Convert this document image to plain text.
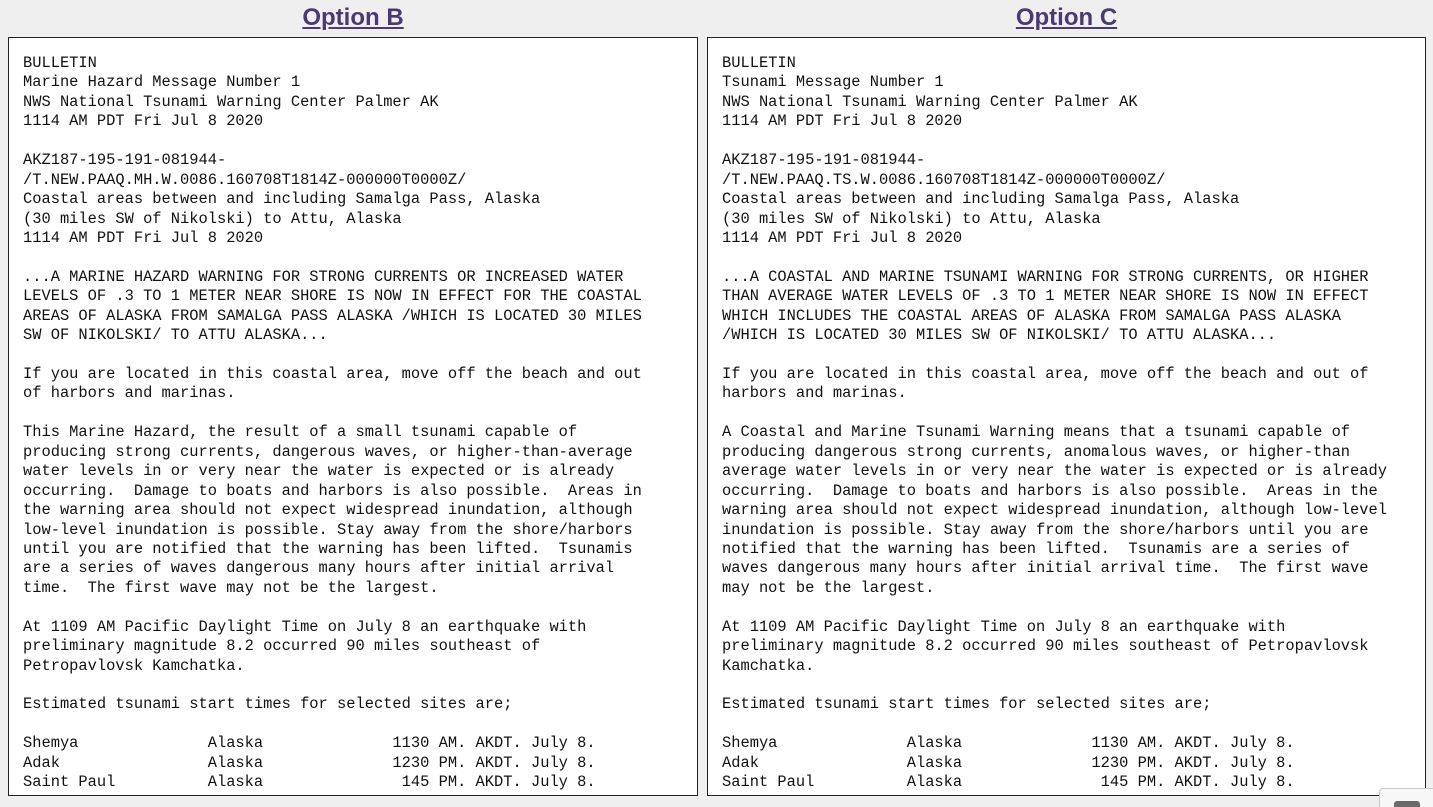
Option B
BULLETIN
Marine Hazard Message Number 1
NWS National Tsunami Warning Center Palmer AK
1114 AM PDT Fri Jul 8 2020

AKZ187-195-191-081944-
/T.NEW.PAAQ.MH.W.0086.160708T1814Z-000000T0000Z/
Coastal areas between and including Samalga Pass, Alaska
(30 miles SW of Nikolski) to Attu, Alaska
1114 AM PDT Fri Jul 8 2020

...A MARINE HAZARD WARNING FOR STRONG CURRENTS OR INCREASED WATER
LEVELS OF .3 TO 1 METER NEAR SHORE IS NOW IN EFFECT FOR THE COASTAL
AREAS OF ALASKA FROM SAMALGA PASS ALASKA /WHICH IS LOCATED 30 MILES
SW OF NIKOLSKI/ TO ATTU ALASKA...

If you are located in this coastal area, move off the beach and out
of harbors and marinas.

This Marine Hazard, the result of a small tsunami capable of
producing strong currents, dangerous waves, or higher-than-average
water levels in or very near the water is expected or is already
occurring.  Damage to boats and harbors is also possible.  Areas in
the warning area should not expect widespread inundation, although
low-level inundation is possible. Stay away from the shore/harbors
until you are notified that the warning has been lifted.  Tsunamis
are a series of waves dangerous many hours after initial arrival
time.  The first wave may not be the largest.

At 1109 AM Pacific Daylight Time on July 8 an earthquake with
preliminary magnitude 8.2 occurred 90 miles southeast of
Petropavlovsk Kamchatka.

Estimated tsunami start times for selected sites are;

Shemya              Alaska              1130 AM. AKDT. July 8.
Adak                Alaska              1230 PM. AKDT. July 8.
Saint Paul          Alaska               145 PM. AKDT. July 8.
Option C
BULLETIN
Tsunami Message Number 1
NWS National Tsunami Warning Center Palmer AK
1114 AM PDT Fri Jul 8 2020

AKZ187-195-191-081944-
/T.NEW.PAAQ.TS.W.0086.160708T1814Z-000000T0000Z/
Coastal areas between and including Samalga Pass, Alaska
(30 miles SW of Nikolski) to Attu, Alaska
1114 AM PDT Fri Jul 8 2020

...A COASTAL AND MARINE TSUNAMI WARNING FOR STRONG CURRENTS, OR HIGHER
THAN AVERAGE WATER LEVELS OF .3 TO 1 METER NEAR SHORE IS NOW IN EFFECT
WHICH INCLUDES THE COASTAL AREAS OF ALASKA FROM SAMALGA PASS ALASKA
/WHICH IS LOCATED 30 MILES SW OF NIKOLSKI/ TO ATTU ALASKA...

If you are located in this coastal area, move off the beach and out of
harbors and marinas.

A Coastal and Marine Tsunami Warning means that a tsunami capable of
producing dangerous strong currents, anomalous waves, or higher-than
average water levels in or very near the water is expected or is already
occurring.  Damage to boats and harbors is also possible.  Areas in the
warning area should not expect widespread inundation, although low-level
inundation is possible. Stay away from the shore/harbors until you are
notified that the warning has been lifted.  Tsunamis are a series of
waves dangerous many hours after initial arrival time.  The first wave
may not be the largest.

At 1109 AM Pacific Daylight Time on July 8 an earthquake with
preliminary magnitude 8.2 occurred 90 miles southeast of Petropavlovsk
Kamchatka.

Estimated tsunami start times for selected sites are;

Shemya              Alaska              1130 AM. AKDT. July 8.
Adak                Alaska              1230 PM. AKDT. July 8.
Saint Paul          Alaska               145 PM. AKDT. July 8.
